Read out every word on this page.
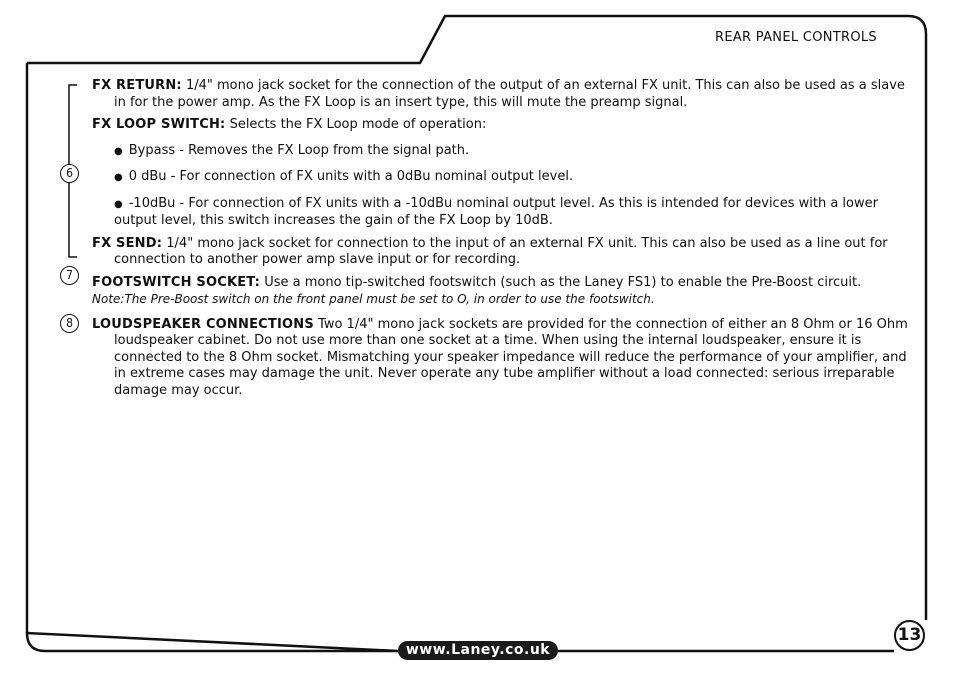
REAR PANEL CONTROLS
6
7
8

FX RETURN: 1/4" mono jack socket for the connection of the output of an external FX unit. This can also be used as a slave in for the power amp. As the FX Loop is an insert type, this will mute the preamp signal.

FX LOOP SWITCH: Selects the FX Loop mode of operation:

● Bypass - Removes the FX Loop from the signal path.

● 0 dBu - For connection of FX units with a 0dBu nominal output level.

● -10dBu - For connection of FX units with a -10dBu nominal output level. As this is intended for devices with a lower output level, this switch increases the gain of the FX Loop by 10dB.

FX SEND: 1/4" mono jack socket for connection to the input of an external FX unit. This can also be used as a line out for connection to another power amp slave input or for recording.

FOOTSWITCH SOCKET: Use a mono tip-switched footswitch (such as the Laney FS1) to enable the Pre-Boost circuit.
Note:The Pre-Boost switch on the front panel must be set to O, in order to use the footswitch.

LOUDSPEAKER CONNECTIONS Two 1/4" mono jack sockets are provided for the connection of either an 8 Ohm or 16 Ohm loudspeaker cabinet. Do not use more than one socket at a time. When using the internal loudspeaker, ensure it is connected to the 8 Ohm socket. Mismatching your speaker impedance will reduce the performance of your amplifier, and in extreme cases may damage the unit. Never operate any tube amplifier without a load connected: serious irreparable damage may occur.

www.Laney.co.uk
13
